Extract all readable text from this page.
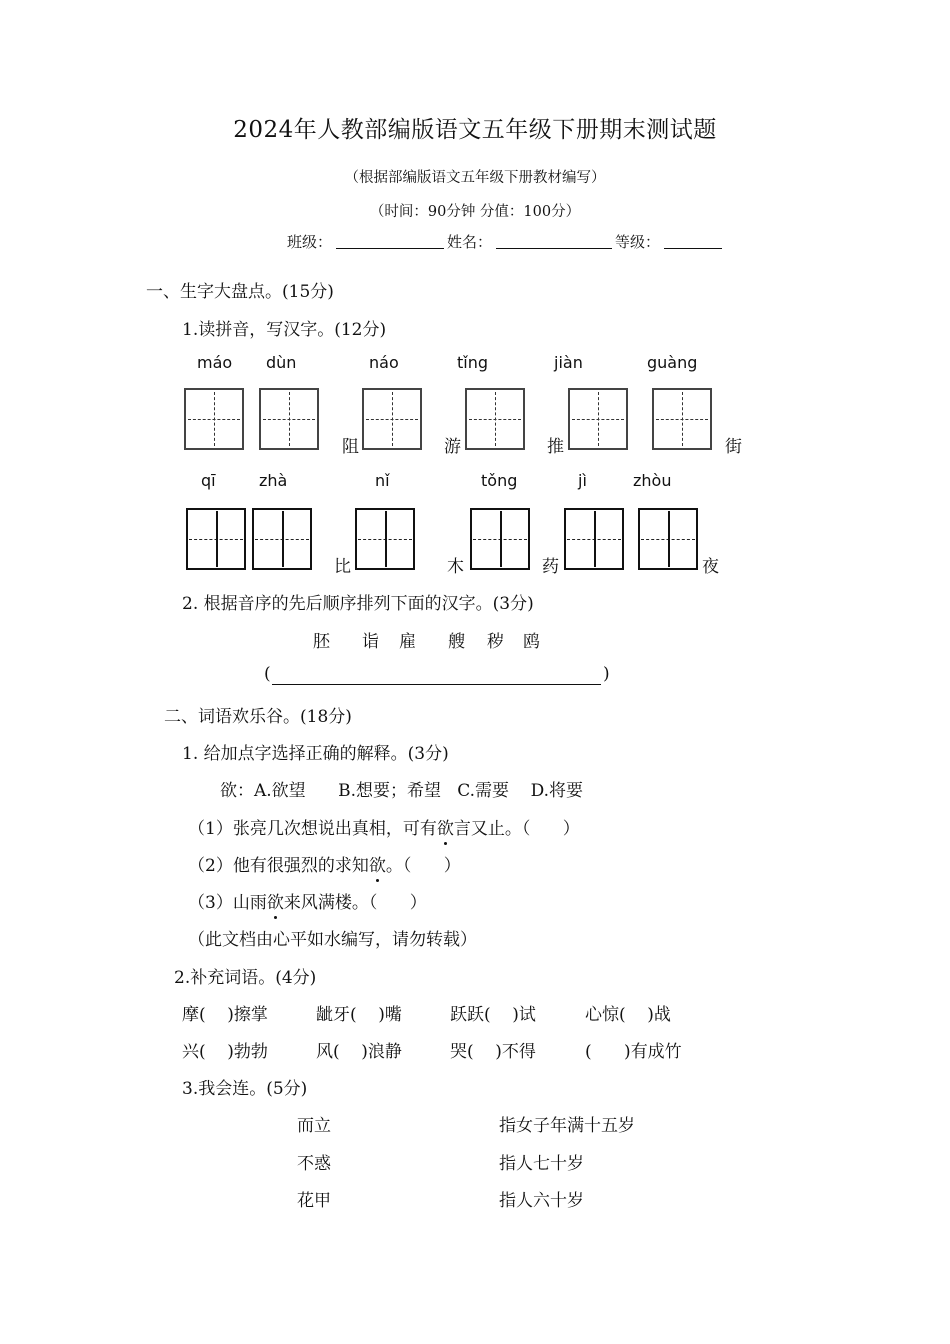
2024年人教部编版语文五年级下册期末测试题
（根据部编版语文五年级下册教材编写）
（时间：90分钟 分值：100分）
班级：	姓名：	等级：
一、生字大盘点。(15分)
1.读拼音，写汉字。(12分)
máo dùn	náo	tǐng	jiàn	guàng
阻	游	推	街
qī	zhà	nǐ	tǒng	jì	zhòu
比	木	药	夜
2. 根据音序的先后顺序排列下面的汉字。(3分)
胚 诣 雇 艘 秽 鸥
(	)
二、词语欢乐谷。(18分)
1. 给加点字选择正确的解释。(3分)
欲：A.欲望      B.想要；希望   C.需要    D.将要
（1）张亮几次想说出真相，可有欲言又止。（      ）
（2）他有很强烈的求知欲。（      ）
（3）山雨欲来风满楼。（      ）
（此文档由心平如水编写，请勿转载）
2.补充词语。(4分)
摩(    )擦掌	龇牙(    )嘴	跃跃(    )试	心惊(    )战
兴(    )勃勃	风(    )浪静	哭(    )不得	(      )有成竹
3.我会连。(5分)
而立	指女子年满十五岁
不惑	指人七十岁
花甲	指人六十岁
